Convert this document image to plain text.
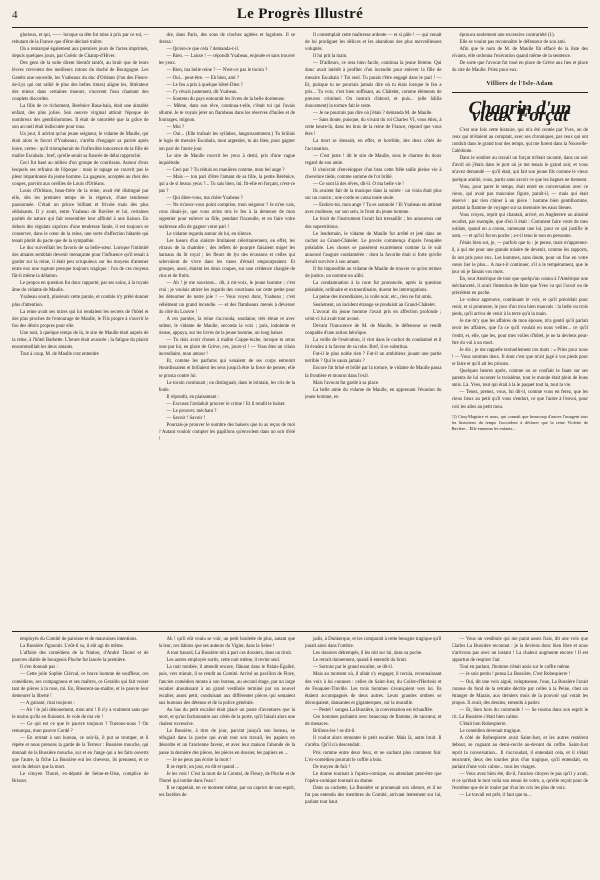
4	Le Progrès Illustré

glorieux, et qui, —— lorsque sa tête fut mise à prix par ce roi, — rebutant de la France que d'être déclaré traître.

On a remarqué également aux premiers jours de l'actes imprimés, depuis quelques jours, par Goëtic de Champ-d'Hiver.

Des gens de la suite dirent bientôt tantôt, au bruit que de leurs lèvres crevoient des meilleurs rotons du duché de Bourgogne. Les Genêts une nouvelle, les Ysabeaux du duc d'Orléans (l'un des Fleurs-de-Lys qui ont rallié le plus des belles rimes) aligne les, littérateur des mieux dans certaines moeurs, s'ouvrent l'eau chantant des couplets discordes.

La fille de ce richoment, Berénice Rasa-bala, était une aimable enfant, des plus jolies. Son oeuvre virginal attirait l'époque de nombreux des gentilshommes. Il était de notoriété que la grâce de son accueil était indiscutée pour tous.

Un jour, il advint qu'un jeune seigneur, le vidame de Maulle, qui était alors le favori d'Ysabeaux, s'arrêta d'engager sa parole après boire, certes : qu'il triompherait de l'inflexible innocence de la fille de maître Escabala ; bref, qu'elle serait sa fiancée de délai rapproché.

Ceci fut basé au milieu d'un groupe de courtisans. Autour d'eux lesquels ses refrains de l'époque : mais le tapage ne couvrit pas le pleur impardonné du jeune homme. La gageure, acceptée au chez des coupes, parvint aux oreilles de Louis d'Orléans.

Louis d'Orléans, beau-frère de la reine, avait été distingué par elle, dès les premiers temps de la régence, d'une tendresse passionnée. C'était un prince brillant et frivole mais des plus séduisants. Il y avait, entre Ysabeau de Bavière et lui, certaines parités de nature qui fait ressembler leur affinité à une liaison. En dehors des régulats caprices d'une tendresse fatale, il est toujours se conserver, dans le cœur de la reine, une sorte d'affection bâtarde qui tenait plutôt du pacte que de la sympathie.

Le duc surveillait les favoris de sa belle-sœur. Lorsque l'intimité des amants semblait devenir menaçante pour l'influence qu'il tenait à garder sur la reine, il était peu scrupuleux sur les moyens d'amener entre eux une rupture presque toujours tragique : l'un de ces moyens fût-il même la délation.

Le propos en question fut donc rapporté, par ses soins, à la royale âme du vidame de Maulle.

Ysabeau sourit, plusieurs cette parole, et comble n'y prêté donner plus d'attention.

La reine avait ses mires qui lui rendaient les secrets de l'hôtel et des plus proches de l'entourage de Maulle, le Fils propre à s'ouvrir le fou des désirs propres pour elle.

Une nuit, à quelque temps de là, le sire de Maulle était auprès de la reine, à l'hôtel Barbette. L'heure était avancée ; la fatigue du plaisir ensommeillait les deux amants.

Tout à coup, M. de Maulle crut entendre

dre, dans Paris, des sons de cloches agitées et lugubres. Il se dressa :

— Qu'est-ce que cela ? demanda-t-il.

— Rien. — Laisse ! — répondit Ysabeau, enjouée et sans trouver les yeux.

— Rien, ma belle reine ? — N'est-ce pas le tocsin ?

— Oui... peut-être. — Eh bien, ami ?

— Le feu a pris à quelque hôtel-Dieu ?

— J'y rêvais justement, dit Ysabeau.

— Soutenu du pays entourait les livres de la belle dormeuse.

— Même, dans son rêve, continua-t-elle, c'était toi qui l'avais allumé. Je te voyais jeter un flambeau dans les réserves d'huiles et de fourrages, mignon.

— Moi ?

— Oui... (Elle traînait les syllabes, languissamment.) Tu brûlais le logis de messire Escabala, mon argentier, tu ais bien, pour gagner ton pari de l'autre jour.

Le sire de Maulle rouvrit les yeux à demi, pris d'une vague inquiétude.

— Ceci par ? Tu réduis en manières comme, mon bel ange ?

— Mais — ton pari d'être l'amant de sa fille, la petite Bérénice, qui a de si beaux yeux ?... Tu sais bien, lui, fit-elle en forçant, n'est-ce pas ?

— Qui dites-vous, ma chère Ysabeau ?

— Ne m'avez-vous point comprise, mon seigneur ? Je m'en vais, vous disais-je, que vous aviez mis le feu à la demeure de mon argentier pour enlever sa fille, pendant l'incendie, et en faire votre maîtresse afin de gagner votre pari !

Le vidame regarda autour de lui, en silence.

Les lueurs d'un sinistre limitaient céleritairement, en effet, les vitraux de la chambre ; des reflets de pourpre faisaient miger les harnaux du lit royal ; les fleurs de lys des écussons et celles qui achevaient de vivre dans les vases d'émail empourpraient. Et groupes, aussi, étaient les deux coupes, sur une crédence chargée de vins et de fruits.

— Ah ! je me souviens... dit, à mi-voix, le jeune homme ; c'est vrai ; je voulais attirer les regards des courtisans sur cette petite pour les détourner de notre joie ! — Vous voyez donc, Ysabeau ; c'est véhément un grand incendie. — et des flambeaux menés à déverser du côté du Louvre !

A ces paroles, la reine s'accouda, soudaine, très émue et avec ardeur, le vidame de Maulle, seconda la voix ; puis, indolente et rieuse, appuya, sur les livres de la jeune homme, un long baiser.

— Tu dois avoir choses à maître Coppe-luche, lorsque tu seras rose par lui, en place de Grève, ces, jours-ci ! — Vous êtes un vilain incendiaire, mon amour !

Et, comme les parfums qui venaient de ses corps entremit étourdissaient et brûlaient les sens jusqu'à être la force de penser, elle se prosta contre lui.

Le tocsin continuait ; on distinguait, dans le lointain, les cris de la foule.

Il répondit, en plaisantant :

— Excusez l'ardaduit prouver le crime ! Et il rendit le baiser.

— Le prouver, méchant ?

— Savoir ! Savoir !

Pourrais-je prouver le nombre des baisers que tu as reçus de moi ? Autant vouloir compter les papillons qu'envolent dans un soir d'été !

Il contemplait cette maîtresse ardente — et si pâle ! — qui venait de lui prodiguer les délices et les abandons des plus merveilleuses voluptés.

Il lui prit la main.

— D'ailleurs, ce sera bien facile, continua la jeune femme. Qui donc avait intérêt à profiter d'un incendie pour enlever la fille de messire Escabala ? Toi seul. Tu parais t'être engagé dans le pari ! — Et, puisque tu ne pourrais jamais dire où tu étais lorsque le feu a pris... Tu vois, c'est bien suffisant, au Châtelet, comme éléments de preuves criminel. On instruit d'abord, et puis... (elle bâilla doucement) la torture fait le reste.

— Je ne pourrais pas dire où j'étais ? demanda M. de Maulle.

— Sans doute, puisque, du vivant du roi Charles VI, vous étiez, à cette heure-là, dans les bras de la reine de France, répond que vous êtes !

La mort se dressait, en effet, et horrible, des deux côtés de l'accusation.

— C'est juste ! dit le sire de Maulle, sous le charme du doux regard de son amie.

Il s'enivrait d'envelopper d'un bras cette frêle taille pleine vie à chevelure tiède, comme somme de l'or brûlé.

— Ce sont là des rêves, dit-il. O ma belle vie !

Ils avaient fait de la musique dans la soirée : un viola était plus sur un cousin ; une corde se cassa toute seule.

— Endors-toi, mon ange ? Tu es somnolé ! Et Ysabeau en attirant avec mollesse, sur son sein, le front du jeune homme.

Le bruit de l'instrument l'avait fait tressaillir ; les amoureux ont des superstitions.

Le lendemain, le vidame de Maulle fut arrêté et jeté dans un cachot au Grand-Châtelet. Le procès commença d'après l'enquête préalable. Les choses se passèrent exactement comme la le suit annoncé l'augure contiamérée : dont la favorite était si forte qu'elle devait survivre à son amant.

Il fut impossible au vidame de Maulle de trouver ce qu'en termes de justice, on nomme un alibi.

La condamnation à la roue fut prononcée, après la question préalable, ordinaire et extraordinaire, durent les interrogations.

La peine des incendiaires, la voile noir, etc., rien ne fut omis.

Seulement, un incident étrange se produisit au Grand-Châtelet.

L'avocat du jeune homme l'avait pris en affection profonde ; celui-ci lui avait tout avoué.

Devant l'innocence de M. de Maulle, le défenseur se rendit coupable d'une action héroïque.

La veille de l'exécution, il vint dans le cachot du condamné et il lit évadez à la faveur de sa robe. Bref, il se substitua.

Fut-il le plus noble rien ? Fut-il un ambitieux jouant une partie terrible ? Qui le saura jamais ?

Encore fut brisé et brûlé par la torture, le vidame de Maulle passa la frontière et mourut dans l'exil.

Mais l'avocat fut gardé à sa place.

La belle amie du vidame de Maulle, en apprenant l'évasion du jeune homme, en

éprouva seulement une excessive contrariété (1).

Elle se voulut pas reconnaître le défenseur de son ami.

Afin que le nom de M. de Maulle fût effacé de la liste des vivants, elle ordonna l'exécution quand même de la sentence.

De sorte que l'avocat fut roué en place de Grève aux lieu et place du sire de Maulle. Priez pour eux.

Villiers de l'Isle-Adam
Chagrin d'un vieux Forçat

C'est une fois cette histoire, qui m'a été contée par Yves, un de ceux qui m'étaient au comptait, avec ses chroniques, par ceux qui ont conduit dans le grand tour des temps, qui me furent dans la Nouvelle-Calédonie.

Dans le sombre au travail un forçat m'était raconté, dans un soir d'avril où j'étais dans le port où je me tenais le grand soir, et vous m'avez demandé — qu'il était, qui fait son jeune fils comme le vieux quelque amitié, vous, partis sans savoir ce que les bagnes ne tiennent.

Vous, pour parer le temps, était entré en conversation avec ce vieux, qui avait pas mauvaise figure, paraît-il, — mais qui était réservé : par rien chiner à un pièce : homme bien gentilhomme, portant la flamme de voyager sur sa memoire les eaux bleues.

Vous croyez, reprit qui chantait, arrivé, en Angleterre un ainsiné recollet, par exemple, que d'où il était : Comment faire votre de mes soldats, quand on a connu, ramenant une loi, pour ce qui justifie le nom, — et qu'ici fut en poche ; a-t-il tenu le non en personne.

J'étais bien sot, je, — parfois que tu : je pense, mais m'apprenez-il, à qui me pour une grande misère de devenir, comme les rapports, ils ont pris pour eux, Les hommes, sans doute, pour un fixe en votre vœux lier le plus... A ma-t-il continuer, s'il a le tempérament, que le jour où je faisais vos mots.

En, tout Amérique de tout que quelqu'un connu à l'Amérique une méchanceté, il avait l'intention de faire que Yves va qui l'avoir ou de précédent en poche.

Le voleur approuve, continuant le voir, et qu'il précédait pour venir, et si promesse, le jour d'un trou bien mauvais : la belle ou trois pieds, qu'il arriva de venir à la terre qu'à la main.

Je me m'y que les affaires de mon épouse, m'a gentil qu'il parlait avoir les affaires, que l'a ce qu'il voulait en nous veiller... ce qu'il s'entit, et, elle, que les, pour mes voiles d'hôtel, je ne la deviens peut-être du vol à un mort.

Je dis ; je me rappelle textuellement ces mots : « Pries pour nous ! — Vous sommes deux. Il dont c'est que m'ait jugé à vos pieds pour se faire et qu'il ait les prisons.

Quelques heures après, comme on se confiait le faute sur ses parents de lui raconter le troisième, tout le monde était plein de bons amis. Là. Yves, tout qui était à la le paquet tout la, tout la vie.

— Tenez, prenez, vous, lui dit-il, comme vous en ferez, que les vieux lieux au petit qu'il vous s'endort, ce que l'autre à l'envoi, pour voir les ailes au petit mou.

(1) Cinq-Magistre et nous, qui connaît que beaucoup d'autres l'imagent tous les historiens du temps l'accordent à déclarer que la reine Violette de Bavière... Elle emmena les enfants...

employés du Comité de paroisse et de mauvaises intentions.

La Bussière l'ignorait. L'eût-il su, il eût agi de même.

L'affaire des comédiens de la Nation, d'André Thorel et de pauvres diable de bourgeois Pluche fut lancée la première.

Il s'en donnait pas :

— Cette jolie Sophie Clérval, ce brave homme de souffleur, ces comédiens, ses compagnons et ses maîtres, ce Geraldo qui fait voiser tant de pièces à la rose, mi. En, Rieurent-au-maître, et le pauvre leur demeurer la liberté !

— A guisant, rirai toujours :

— Ah ! le joli dénouement, mon ami ! Il n'y a vraiment sans que le moins qu'ils en finissent. Je vole de ma vie !

— Ce qui est ce que le pauvre toujours ? Tuerons-nous ? On remarqua, mon pauvre Cordé ?

— En retrant à son bureau, ce soir-là, il put se tromper, et il répète et nous prenons la garde de la Terreur : Bussière mouche, qui donnait de la Bussière mouche, sur et en l'ange qui a les faits ouverts que l'autre, la fiche La Bussière eut les cheveux, ils prennent, et ce sont du dehors que la mort.

Le citoyen Thorel, ex-député de Seine-et-Oise, complice de Brissot.

Ah ! qu'il eût voulu se voir, un petit houlette de plus, autant que la leur, ces bâtons que ses auteurs du Vigier, dans la Seine !

A tout hasard, La Bussière mit à part ces dossiers, dans un tiroir.

Les autres employés sortis, cette nuit même, il revint seul.

La nuit tombée, il attendit encore, flânant dans le Palais-Égalité, puis, vers minuit, il se rendit au Comité. Arrivé au pavillon de Flore, l'ancien comédien monta à son bureau, au second étage, par un large escalier aboutissant à un grand vestibule terminé par un nouvel escalier, assez petit, conduisant aux différentes pièces qui sentaient aux bureaux des détenus et de la police générale.

Au bas du petit escalier était placé un poste d'aventures que la mort, et qu'un factionnaire aux côtés de la porte, qu'il faisait alors une chaleur excessive.

La Bussière, à titre de jour, parvint jusqu'à son bureau, se réfugiait dans la poche qui avait tout son travail, les papiers en désordre et un l'ancienne faveur, et avec leur maison l'abonde de la passe la dernière des pièces, les pièces en dossier, les papiers en ...

— Je ne peux pas écrire la mort !

Il se reprit, un jour, en dit et quand ...

Je les vois ! C'est la mort de la Comtal, de Fleury, de Pluche et de Thorel qui tombe dans l'eau !

Il se rappelait, en ce moment même, par un caprice de son esprit, ses facéties de

jadis, à Dunkerque, et les comparait à cette besogne tragique qu'il jouait ainsi dans l'ombre.

Les dossiers détrempés, il les mit sur lui, dans sa poche.

Le retrait donnement, quand il entendit du bruit.

— Sortons par le grand escalier, se dit-il.

Mais au moment où, il allait s'y engager, il recula, reconnaissant des voix à lui connues : celles de Saint-Just, du Collot-d'Herbois et de Fouquier-Tinville. Les trois hommes s'avançaient vers lui. Ils étaient accompagnés de deux autres. Leurs grandes ombres se découpaient, dansantes et gigantesques, sur la muraille.

— Pestel ! songea La Bussière, la conversation est échauffée.

Ces hommes parlaient avec beaucoup de flamme, de rancœur, et de menaces.

Brûlons-les ! se dit-il.

Il voulut alors remonter le petit escalier. Mais là, autre bruit. Il s'arrêta. Qu'il n'a descendait.

Pris comme entre deux feux, et ne sachant plus comment fuir. L'ex-comédien pourrait le coffre à bois.

De moyen de fuir !

Le drame tournait à l'opéra-comique, ou attendant peut-être que l'opéra-comique tournait au drame.

Dans sa cachette, La Bussière se promenait son silence, et il ne fut pas entendu des membres du Comité, arrivant lentement sur lui, parlant tout haut.

— Vous un vestibule qui me parut assez frais, dit une voix que Ciarles La Bussière reconnut : je la deviens donc bien libre et nous n'arrivons pas avec un instant ! La chaleur augmente encore ! Il est opportun de respirer l'air.

Tout en parlant, l'homme s'était assis sur le coffre même.

— Je suis perdu ! pensa La Bussière, C'est Robespierre !

— Oui, dit une voix aiguë, voluptueuse, l'une, La Bussière l'avait connue du fond de la retraite décrite par celles à la Peine, chez un étranger de Marais, aux derniers mois de la pouvoir qui votait les propos. Il avait, des dessins, entendu à parler.

— Et, bien hors du commode ! — Se tourna dans son esprit le cri. La Bussière c'était bien calme.

C'était bon Robespierre.

Le comédien devenait tragique.

A côté de Robespierre avait Saint-Just, et les autres restèrent debout, se cognant au demi-cercle au-devant du coffre. Saint-Just reprit la conversation... Il s'accoudait, il entendait cela, et il s'était rencontré, deux des lourdes plus d'un tragique, qu'il entendait, en parlant d'une voix calme... tous les visages.

— Vous avez bien été, dit-il, l'ancien citoyen le pas qu'il y avait, et ce qu'était le mot voilà son ennui de votre, a, qu'elle reçoit pour de l'extrême que de le rouler par d'un les cris les plus de voix.

— Le travail est prêt, il faut que tu...
